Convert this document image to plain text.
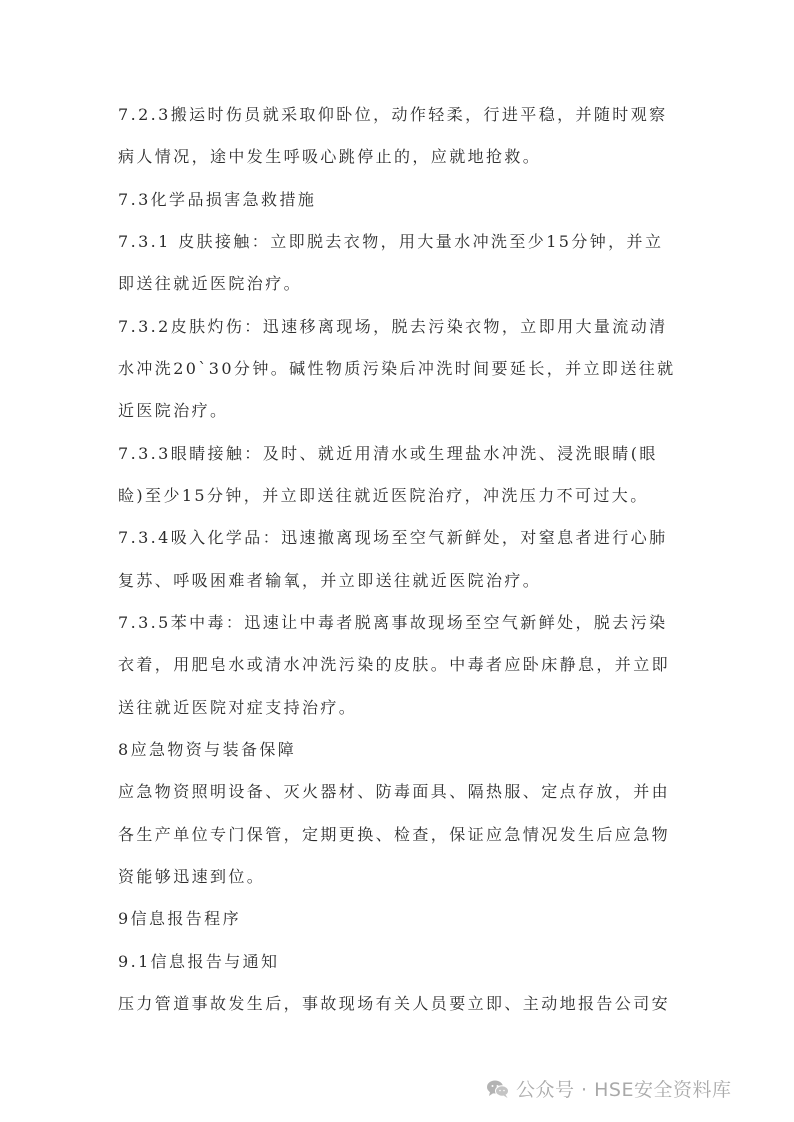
7.2.3搬运时伤员就采取仰卧位，动作轻柔，行进平稳，并随时观察
病人情况，途中发生呼吸心跳停止的，应就地抢救。
7.3化学品损害急救措施
7.3.1 皮肤接触：立即脱去衣物，用大量水冲洗至少15分钟，并立
即送往就近医院治疗。
7.3.2皮肤灼伤：迅速移离现场，脱去污染衣物，立即用大量流动清
水冲洗20`30分钟。碱性物质污染后冲洗时间要延长，并立即送往就
近医院治疗。
7.3.3眼睛接触：及时、就近用清水或生理盐水冲洗、浸洗眼睛(眼
睑)至少15分钟，并立即送往就近医院治疗，冲洗压力不可过大。
7.3.4吸入化学品：迅速撤离现场至空气新鲜处，对窒息者进行心肺
复苏、呼吸困难者输氧，并立即送往就近医院治疗。
7.3.5苯中毒：迅速让中毒者脱离事故现场至空气新鲜处，脱去污染
衣着，用肥皂水或清水冲洗污染的皮肤。中毒者应卧床静息，并立即
送往就近医院对症支持治疗。
8应急物资与装备保障
应急物资照明设备、灭火器材、防毒面具、隔热服、定点存放，并由
各生产单位专门保管，定期更换、检查，保证应急情况发生后应急物
资能够迅速到位。
9信息报告程序
9.1信息报告与通知
压力管道事故发生后，事故现场有关人员要立即、主动地报告公司安
公众号 · HSE安全资料库
